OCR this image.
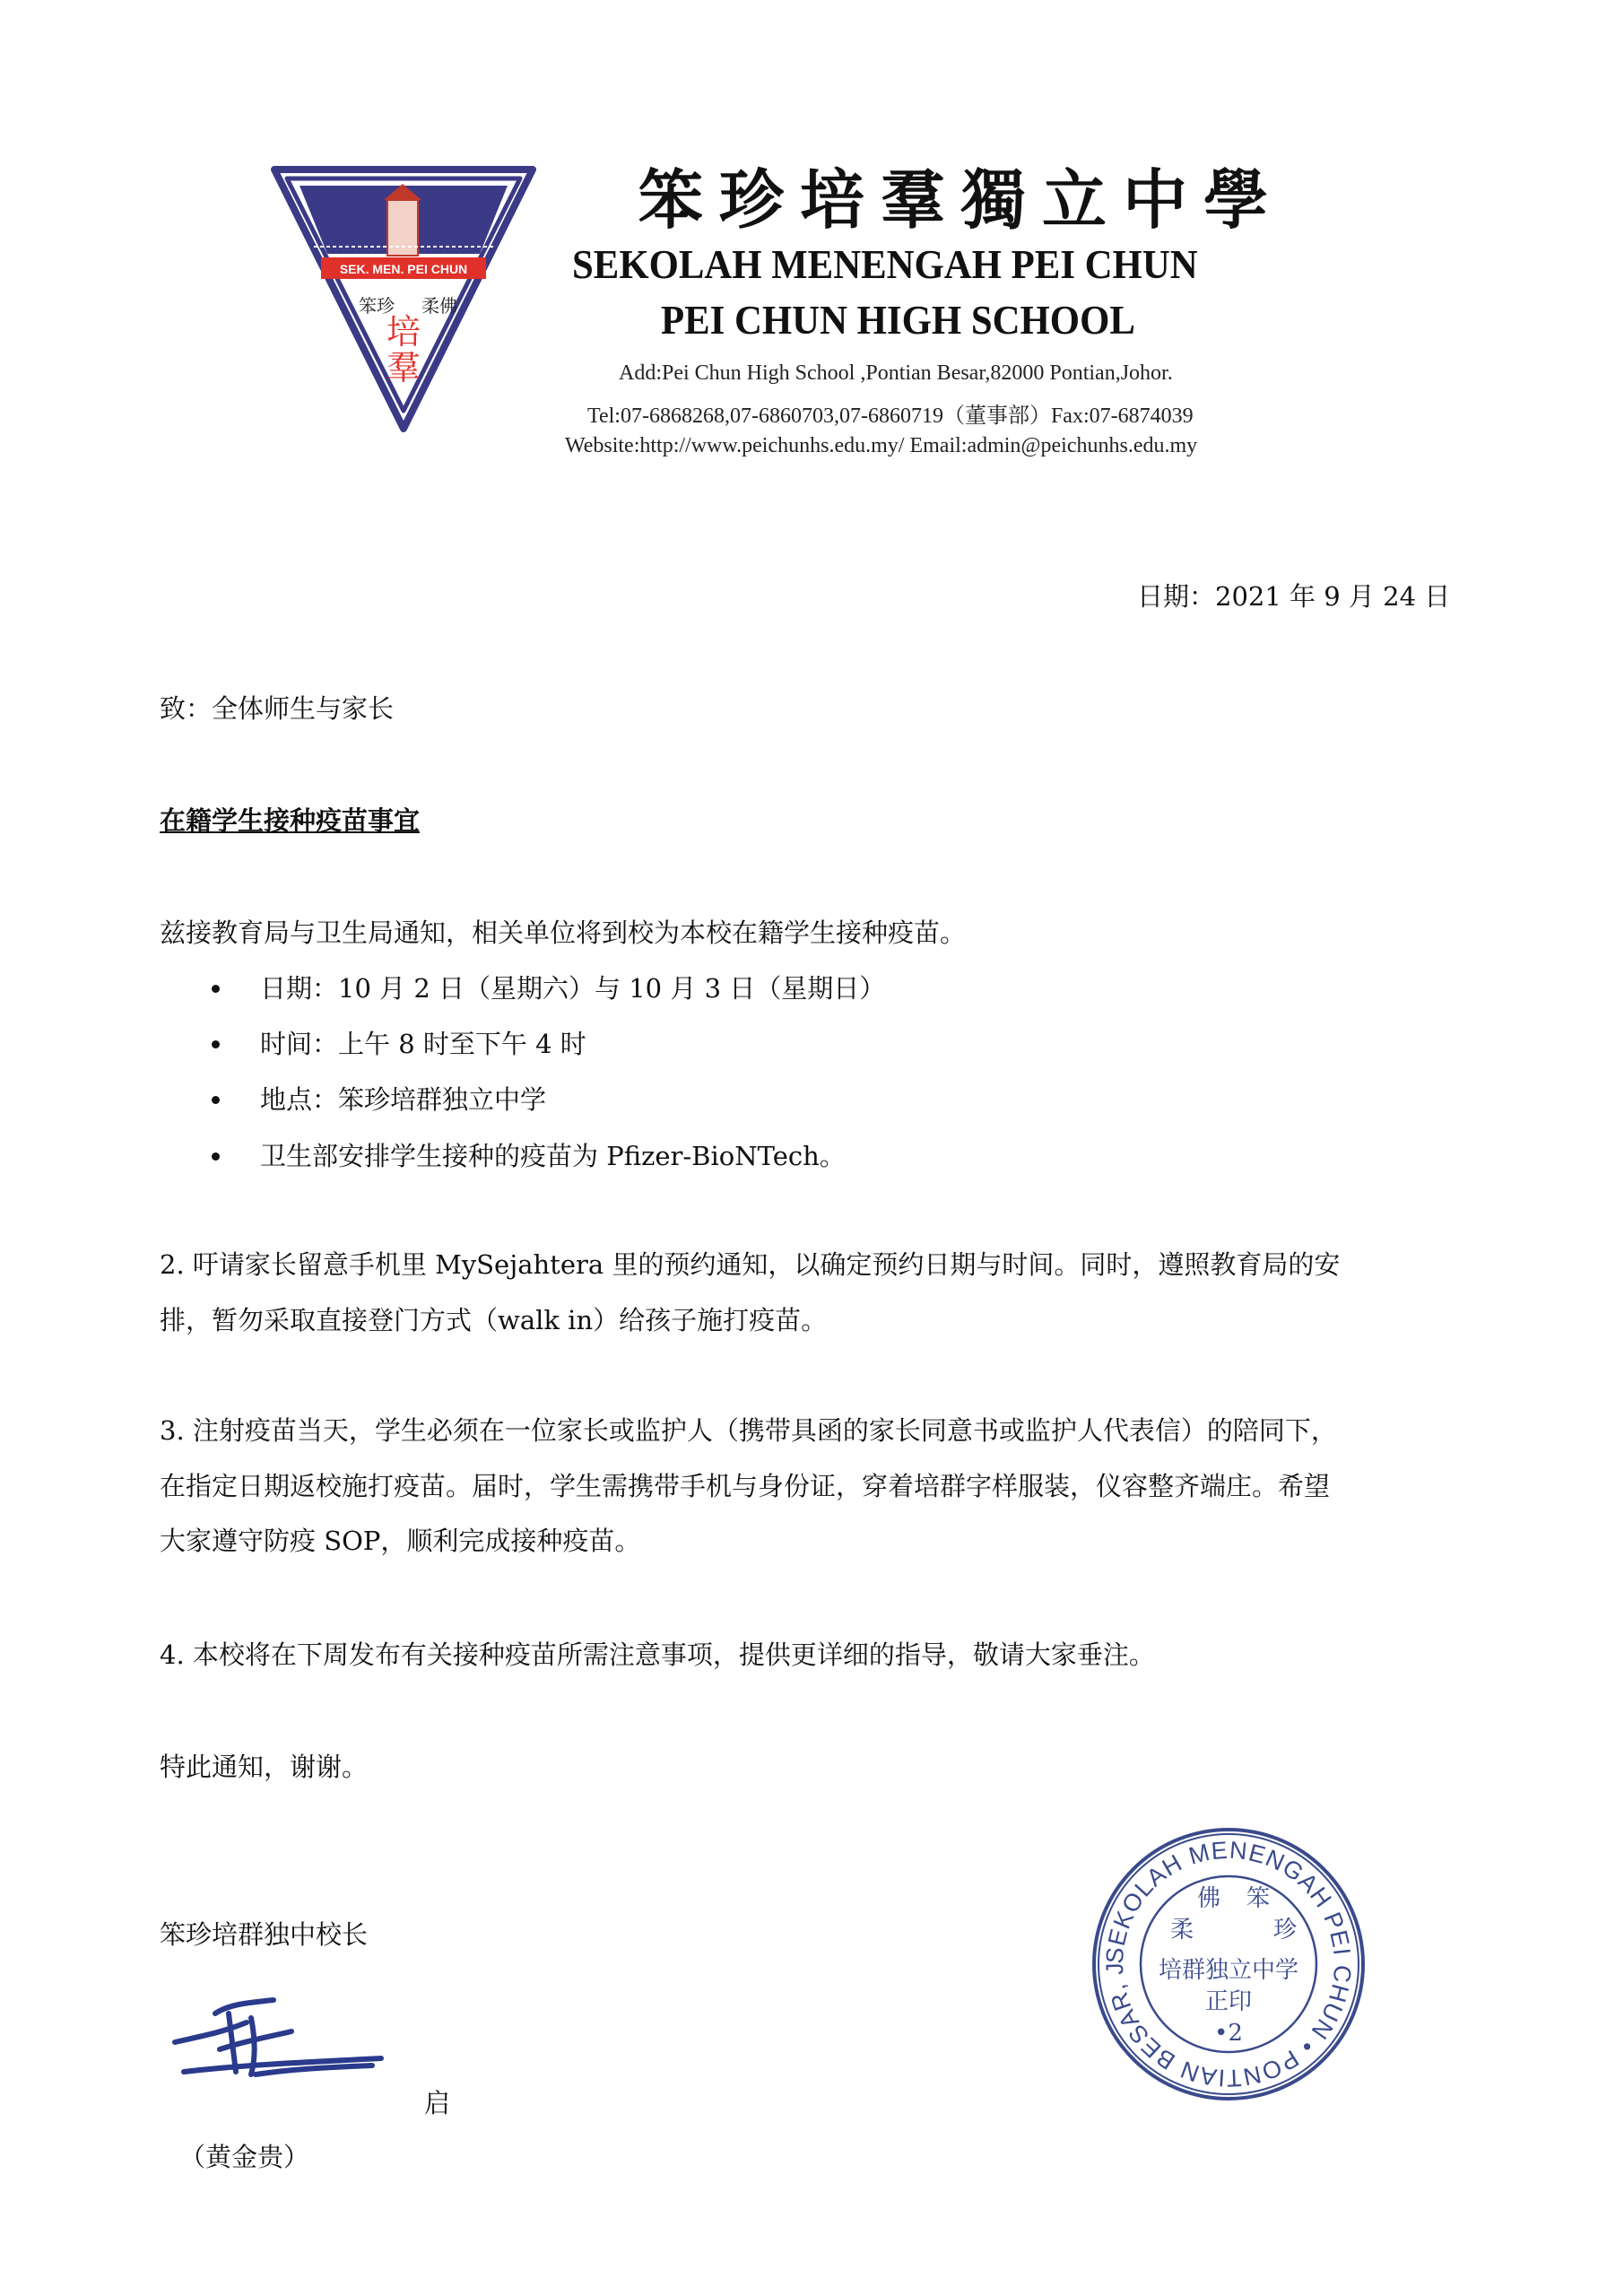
SEK. MEN. PEI CHUN
笨珍 柔佛
培
羣
笨珍培羣獨立中學
SEKOLAH MENENGAH PEI CHUN
PEI CHUN HIGH SCHOOL
Add:Pei Chun High School ,Pontian Besar,82000 Pontian,Johor.
Tel:07-6868268,07-6860703,07-6860719（董事部）Fax:07-6874039
Website:http://www.peichunhs.edu.my/ Email:admin@peichunhs.edu.my
日期：2021 年 9 月 24 日
致：全体师生与家长
在籍学生接种疫苗事宜
兹接教育局与卫生局通知，相关单位将到校为本校在籍学生接种疫苗。
日期：10 月 2 日（星期六）与 10 月 3 日（星期日）
时间：上午 8 时至下午 4 时
地点：笨珍培群独立中学
卫生部安排学生接种的疫苗为 Pfizer-BioNTech。
2. 吁请家长留意手机里 MySejahtera 里的预约通知，以确定预约日期与时间。同时，遵照教育局的安
排，暂勿采取直接登门方式（walk in）给孩子施打疫苗。
3. 注射疫苗当天，学生必须在一位家长或监护人（携带具函的家长同意书或监护人代表信）的陪同下，
在指定日期返校施打疫苗。届时，学生需携带手机与身份证，穿着培群字样服装，仪容整齐端庄。希望
大家遵守防疫 SOP，顺利完成接种疫苗。
4. 本校将在下周发布有关接种疫苗所需注意事项，提供更详细的指导，敬请大家垂注。
特此通知，谢谢。
笨珍培群独中校长
启
（黄金贵）
SEKOLAH MENENGAH PEI CHUN • PONTIAN BESAR, J
柔
佛 笨
珍
培群独立中学
正印
•2
